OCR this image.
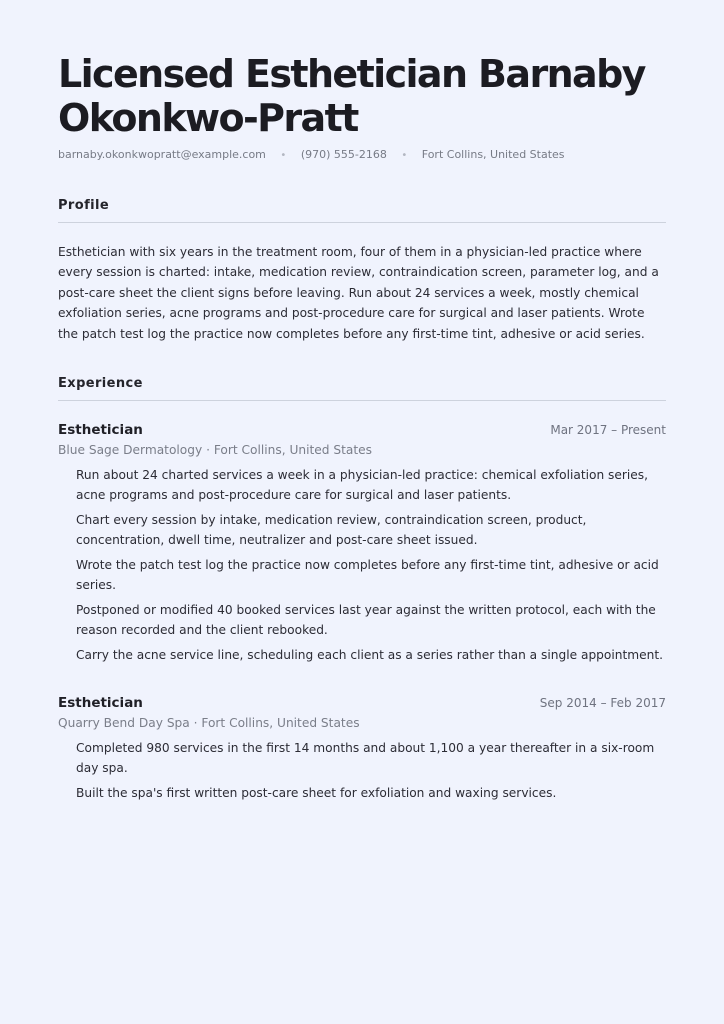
Licensed Esthetician Barnaby
Okonkwo-Pratt
barnaby.okonkwopratt@example.com • (970) 555-2168 • Fort Collins, United States
Profile
Esthetician with six years in the treatment room, four of them in a physician-led practice where every session is charted: intake, medication review, contraindication screen, parameter log, and a post-care sheet the client signs before leaving. Run about 24 services a week, mostly chemical exfoliation series, acne programs and post-procedure care for surgical and laser patients. Wrote the patch test log the practice now completes before any first-time tint, adhesive or acid series.
Experience
Esthetician	Mar 2017 – Present
Blue Sage Dermatology · Fort Collins, United States
Run about 24 charted services a week in a physician-led practice: chemical exfoliation series, acne programs and post-procedure care for surgical and laser patients.
Chart every session by intake, medication review, contraindication screen, product, concentration, dwell time, neutralizer and post-care sheet issued.
Wrote the patch test log the practice now completes before any first-time tint, adhesive or acid series.
Postponed or modified 40 booked services last year against the written protocol, each with the reason recorded and the client rebooked.
Carry the acne service line, scheduling each client as a series rather than a single appointment.
Esthetician	Sep 2014 – Feb 2017
Quarry Bend Day Spa · Fort Collins, United States
Completed 980 services in the first 14 months and about 1,100 a year thereafter in a six-room day spa.
Built the spa's first written post-care sheet for exfoliation and waxing services.
